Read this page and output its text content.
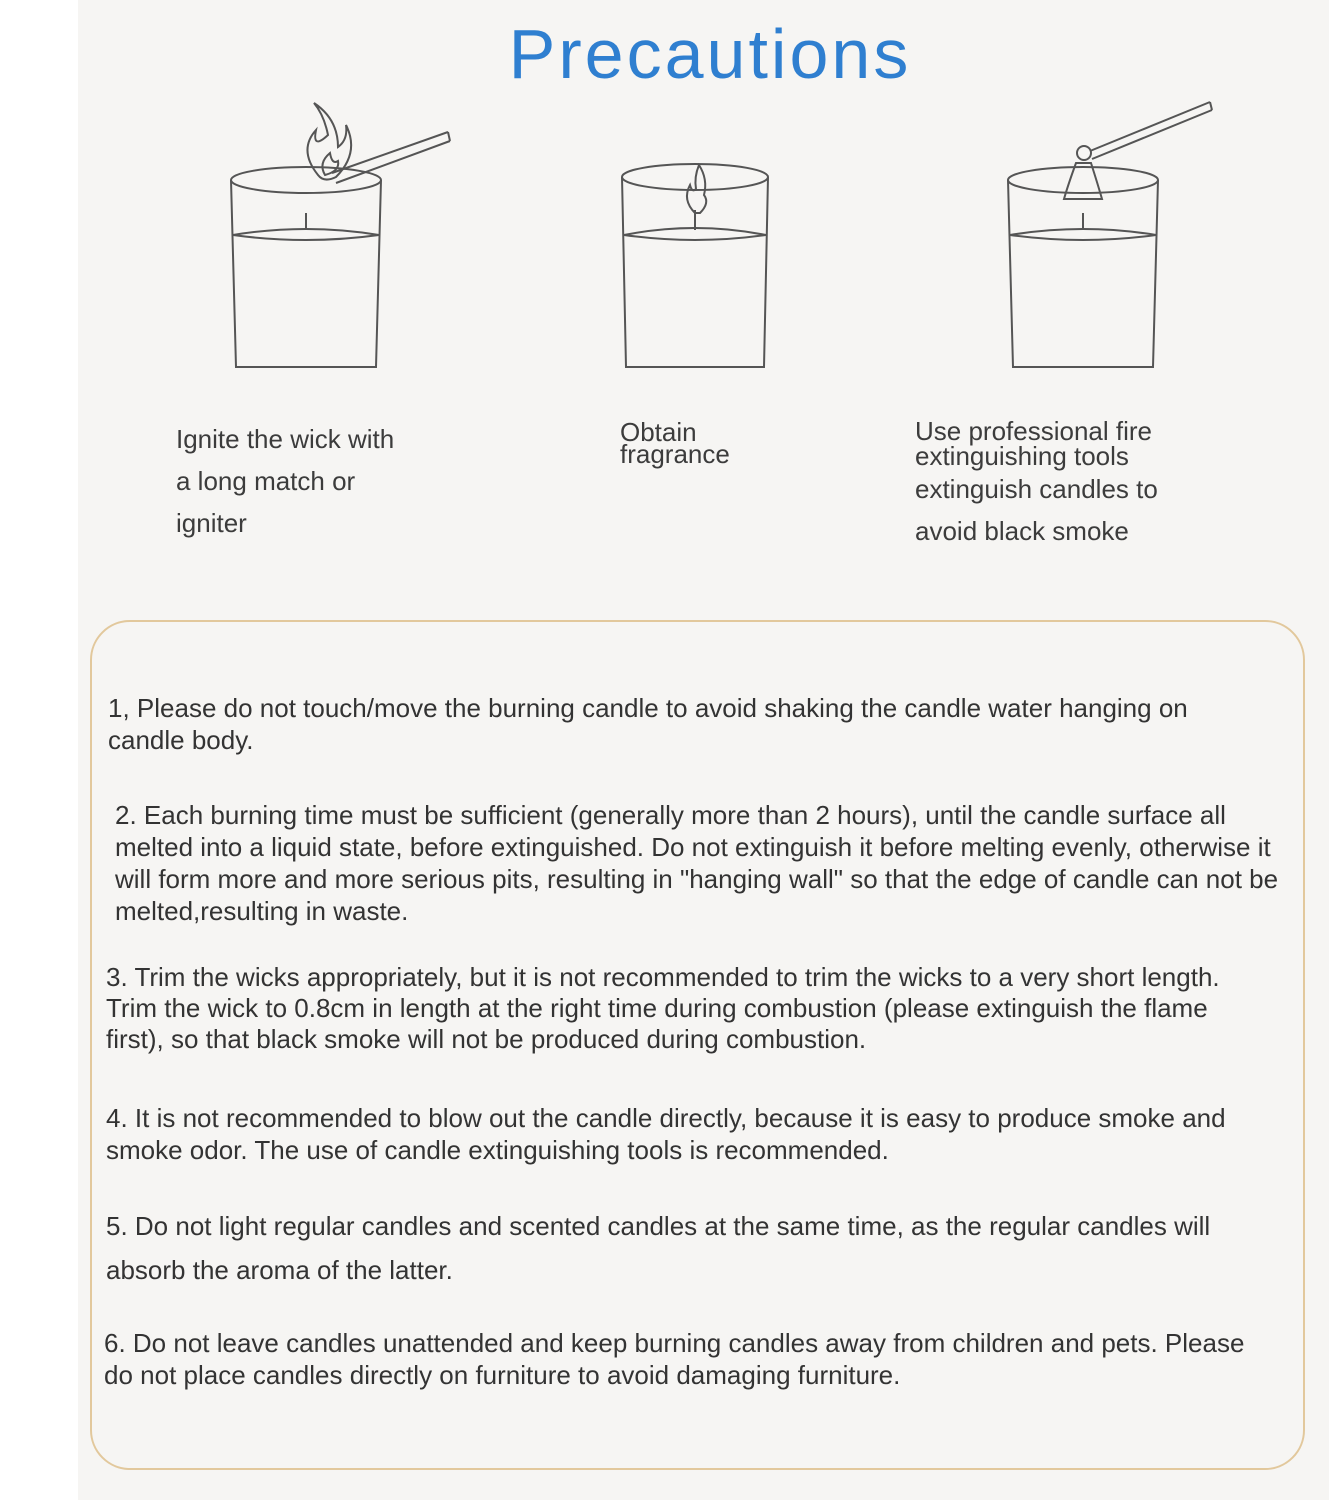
Precautions
Ignite the wick with
a long match or
igniter
Obtain
fragrance
Use professional fire
extinguishing tools
extinguish candles to
avoid black smoke

1, Please do not touch/move the burning candle to avoid shaking the candle water hanging on candle body.

2. Each burning time must be sufficient (generally more than 2 hours), until the candle surface all melted into a liquid state, before extinguished. Do not extinguish it before melting evenly, otherwise it will form more and more serious pits, resulting in "hanging wall" so that the edge of candle can not be melted,resulting in waste.

3. Trim the wicks appropriately, but it is not recommended to trim the wicks to a very short length. Trim the wick to 0.8cm in length at the right time during combustion (please extinguish the flame first), so that black smoke will not be produced during combustion.

4. It is not recommended to blow out the candle directly, because it is easy to produce smoke and smoke odor. The use of candle extinguishing tools is recommended.

5. Do not light regular candles and scented candles at the same time, as the regular candles will absorb the aroma of the latter.

6. Do not leave candles unattended and keep burning candles away from children and pets. Please do not place candles directly on furniture to avoid damaging furniture.
